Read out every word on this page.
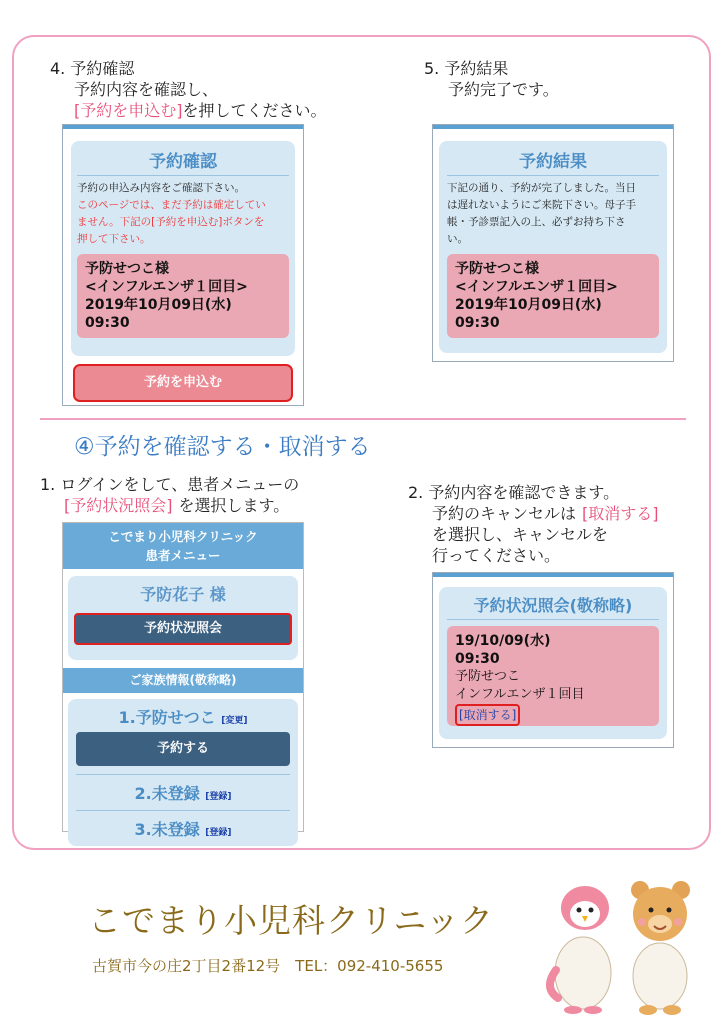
4. 予約確認
予約内容を確認し、
[予約を申込む]を押してください。
5. 予約結果
予約完了です。
予約確認
予約の申込み内容をご確認下さい。
このページでは、まだ予約は確定してい
ません。下記の[予約を申込む]ボタンを
押して下さい。
予防せつこ様
<インフルエンザ１回目>
2019年10月09日(水)
09:30
予約を申込む
予約結果
下記の通り、予約が完了しました。当日
は遅れないようにご来院下さい。母子手
帳・予診票記入の上、必ずお持ち下さ
い。
予防せつこ様
<インフルエンザ１回目>
2019年10月09日(水)
09:30
④予約を確認する・取消する
1. ログインをして、患者メニューの
[予約状況照会] を選択します。
2. 予約内容を確認できます。
予約のキャンセルは [取消する]
を選択し、キャンセルを
行ってください。
こでまり小児科クリニック
患者メニュー
予防花子 様
予約状況照会
ご家族情報(敬称略)
1.予防せつこ [変更]
予約する
2.未登録 [登録]
3.未登録 [登録]
予約状況照会(敬称略)
19/10/09(水)
09:30
予防せつこ
インフルエンザ１回目
[取消する]
こでまり小児科クリニック
古賀市今の庄2丁目2番12号　TEL：092-410-5655
